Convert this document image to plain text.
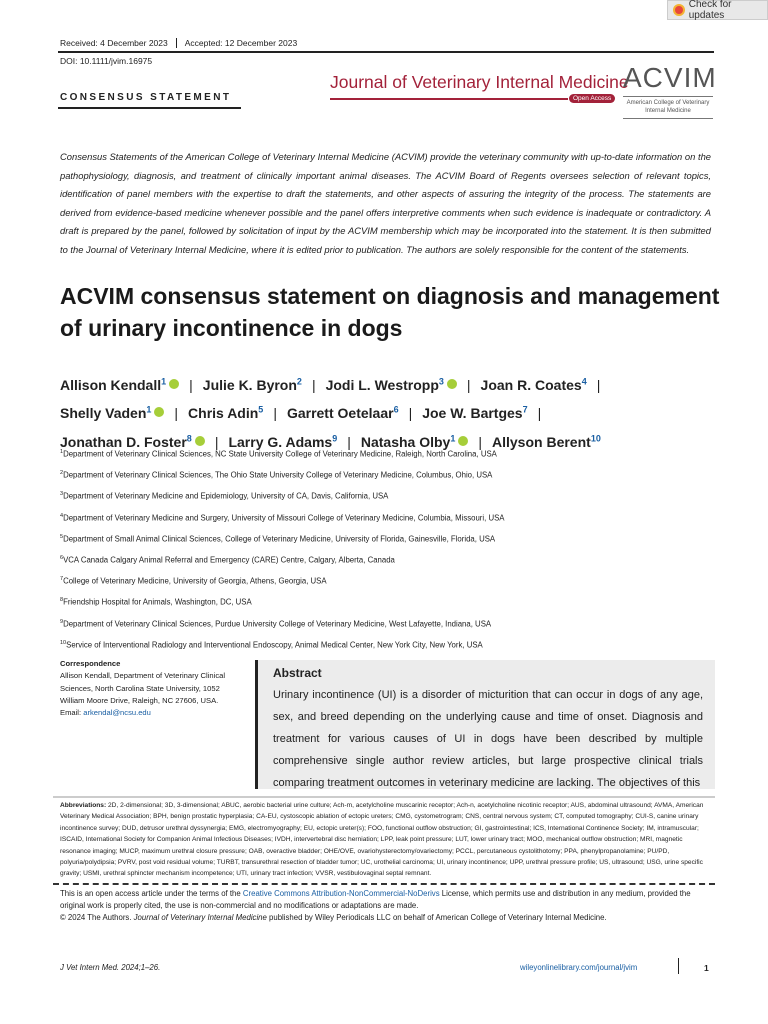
Check for updates
Received: 4 December 2023	Accepted: 12 December 2023
DOI: 10.1111/jvim.16975
CONSENSUS STATEMENT
Journal of Veterinary Internal Medicine
Open Access
ACVIM
American College of Veterinary Internal Medicine
Consensus Statements of the American College of Veterinary Internal Medicine (ACVIM) provide the veterinary community with up-to-date information on the pathophysiology, diagnosis, and treatment of clinically important animal diseases. The ACVIM Board of Regents oversees selection of relevant topics, identification of panel members with the expertise to draft the statements, and other aspects of assuring the integrity of the process. The statements are derived from evidence-based medicine whenever possible and the panel offers interpretive comments when such evidence is inadequate or contradictory. A draft is prepared by the panel, followed by solicitation of input by the ACVIM membership which may be incorporated into the statement. It is then submitted to the Journal of Veterinary Internal Medicine, where it is edited prior to publication. The authors are solely responsible for the content of the statements.
ACVIM consensus statement on diagnosis and management of urinary incontinence in dogs
Allison Kendall$^1$ | Julie K. Byron$^2$ | Jodi L. Westropp$^3$ | Joan R. Coates$^4$ |
Shelly Vaden$^1$ | Chris Adin$^5$ | Garrett Oetelaar$^6$ | Joe W. Bartges$^7$ |
Jonathan D. Foster$^8$ | Larry G. Adams$^9$ | Natasha Olby$^1$ | Allyson Berent$^{10}$
$^1$Department of Veterinary Clinical Sciences, NC State University College of Veterinary Medicine, Raleigh, North Carolina, USA
$^2$Department of Veterinary Clinical Sciences, The Ohio State University College of Veterinary Medicine, Columbus, Ohio, USA
$^3$Department of Veterinary Medicine and Epidemiology, University of CA, Davis, California, USA
$^4$Department of Veterinary Medicine and Surgery, University of Missouri College of Veterinary Medicine, Columbia, Missouri, USA
$^5$Department of Small Animal Clinical Sciences, College of Veterinary Medicine, University of Florida, Gainesville, Florida, USA
$^6$VCA Canada Calgary Animal Referral and Emergency (CARE) Centre, Calgary, Alberta, Canada
$^7$College of Veterinary Medicine, University of Georgia, Athens, Georgia, USA
$^8$Friendship Hospital for Animals, Washington, DC, USA
$^9$Department of Veterinary Clinical Sciences, Purdue University College of Veterinary Medicine, West Lafayette, Indiana, USA
$^{10}$Service of Interventional Radiology and Interventional Endoscopy, Animal Medical Center, New York City, New York, USA
Correspondence
Allison Kendall, Department of Veterinary Clinical Sciences, North Carolina State University, 1052 William Moore Drive, Raleigh, NC 27606, USA.
Email: arkendal@ncsu.edu
Abstract

Urinary incontinence (UI) is a disorder of micturition that can occur in dogs of any age, sex, and breed depending on the underlying cause and time of onset. Diagnosis and treatment for various causes of UI in dogs have been described by multiple comprehensive single author review articles, but large prospective clinical trials comparing treatment outcomes in veterinary medicine are lacking. The objectives of this

Abbreviations: 2D, 2-dimensional; 3D, 3-dimensional; ABUC, aerobic bacterial urine culture; Ach-m, acetylcholine muscarinic receptor; Ach-n, acetylcholine nicotinic receptor; AUS, abdominal ultrasound; AVMA, American Veterinary Medical Association; BPH, benign prostatic hyperplasia; CA-EU, cystoscopic ablation of ectopic ureters; CMG, cystometrogram; CNS, central nervous system; CT, computed tomography; CUI-S, canine urinary incontinence survey; DUD, detrusor urethral dyssynergia; EMG, electromyography; EU, ectopic ureter(s); FOO, functional outflow obstruction; GI, gastrointestinal; ICS, International Continence Society; IM, intramuscular; ISCAID, International Society for Companion Animal Infectious Diseases; IVDH, intervertebral disc herniation; LPP, leak point pressure; LUT, lower urinary tract; MOO, mechanical outflow obstruction; MRI, magnetic resonance imaging; MUCP, maximum urethral closure pressure; OAB, overactive bladder; OHE/OVE, ovariohysterectomy/ovariectomy; PCCL, percutaneous cystolithotomy; PPA, phenylpropanolamine; PU/PD, polyuria/polydipsia; PVRV, post void residual volume; TURBT, transurethral resection of bladder tumor; UC, urothelial carcinoma; UI, urinary incontinence; UPP, urethral pressure profile; US, ultrasound; USG, urine specific gravity; USMI, urethral sphincter mechanism incompetence; UTI, urinary tract infection; VVSR, vestibulovaginal septal remnant.
This is an open access article under the terms of the Creative Commons Attribution-NonCommercial-NoDerivs License, which permits use and distribution in any medium, provided the original work is properly cited, the use is non-commercial and no modifications or adaptations are made.
© 2024 The Authors. Journal of Veterinary Internal Medicine published by Wiley Periodicals LLC on behalf of American College of Veterinary Internal Medicine.
J Vet Intern Med. 2024;1–26.	wileyonlinelibrary.com/journal/jvim	1
